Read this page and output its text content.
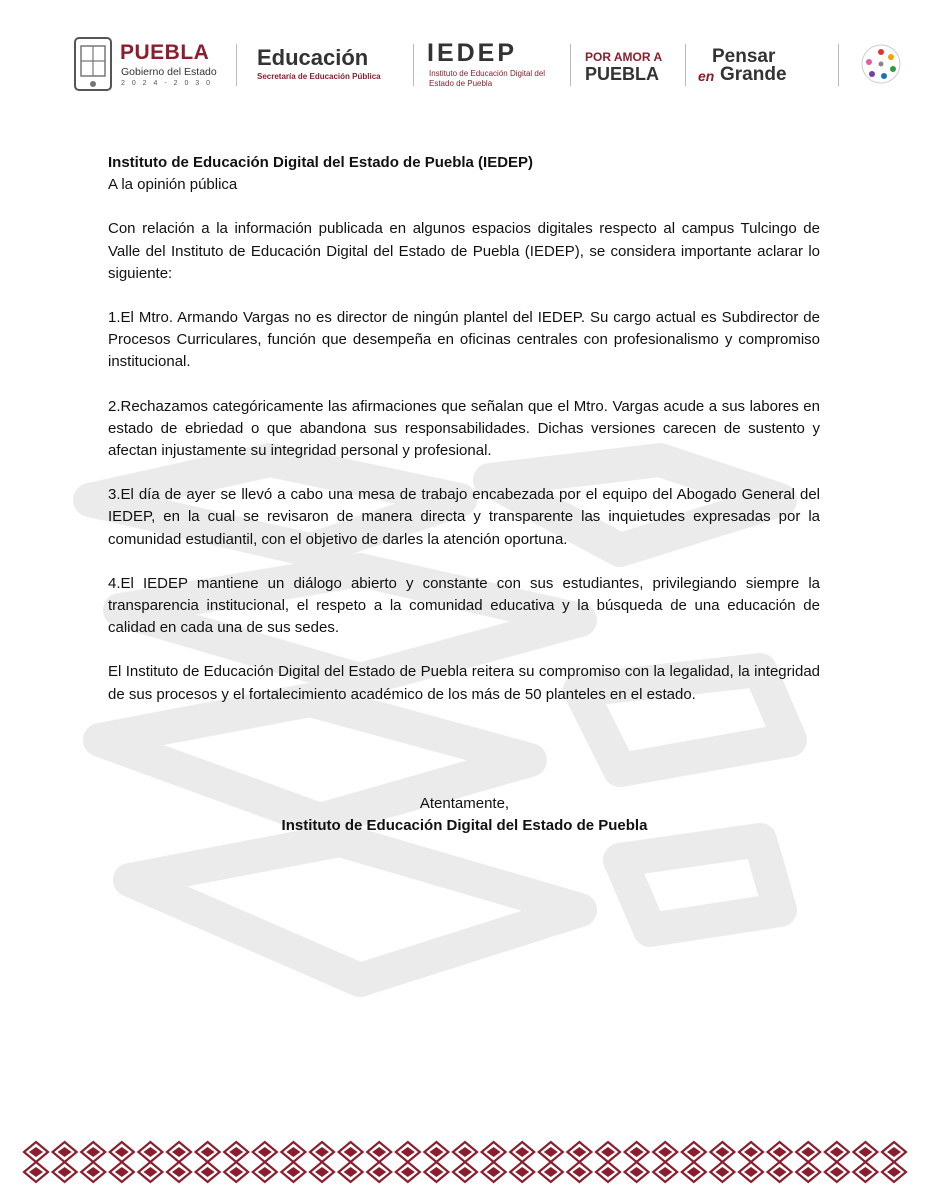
PUEBLA
Gobierno del Estado
2 0 2 4 - 2 0 3 0
Educación
Secretaría de Educación Pública
IEDEP
Instituto de Educación Digital del Estado de Puebla
POR AMOR A
PUEBLA
Pensar
en Grande

Instituto de Educación Digital del Estado de Puebla (IEDEP)

A la opinión pública

Con relación a la información publicada en algunos espacios digitales respecto al campus Tulcingo de Valle del Instituto de Educación Digital del Estado de Puebla (IEDEP), se considera importante aclarar lo siguiente:

1.El Mtro. Armando Vargas no es director de ningún plantel del IEDEP. Su cargo actual es Subdirector de Procesos Curriculares, función que desempeña en oficinas centrales con profesionalismo y compromiso institucional.

2.Rechazamos categóricamente las afirmaciones que señalan que el Mtro. Vargas acude a sus labores en estado de ebriedad o que abandona sus responsabilidades. Dichas versiones carecen de sustento y afectan injustamente su integridad personal y profesional.

3.El día de ayer se llevó a cabo una mesa de trabajo encabezada por el equipo del Abogado General del IEDEP, en la cual se revisaron de manera directa y transparente las inquietudes expresadas por la comunidad estudiantil, con el objetivo de darles la atención oportuna.

4.El IEDEP mantiene un diálogo abierto y constante con sus estudiantes, privilegiando siempre la transparencia institucional, el respeto a la comunidad educativa y la búsqueda de una educación de calidad en cada una de sus sedes.

El Instituto de Educación Digital del Estado de Puebla reitera su compromiso con la legalidad, la integridad de sus procesos y el fortalecimiento académico de los más de 50 planteles en el estado.

Atentamente,
Instituto de Educación Digital del Estado de Puebla
